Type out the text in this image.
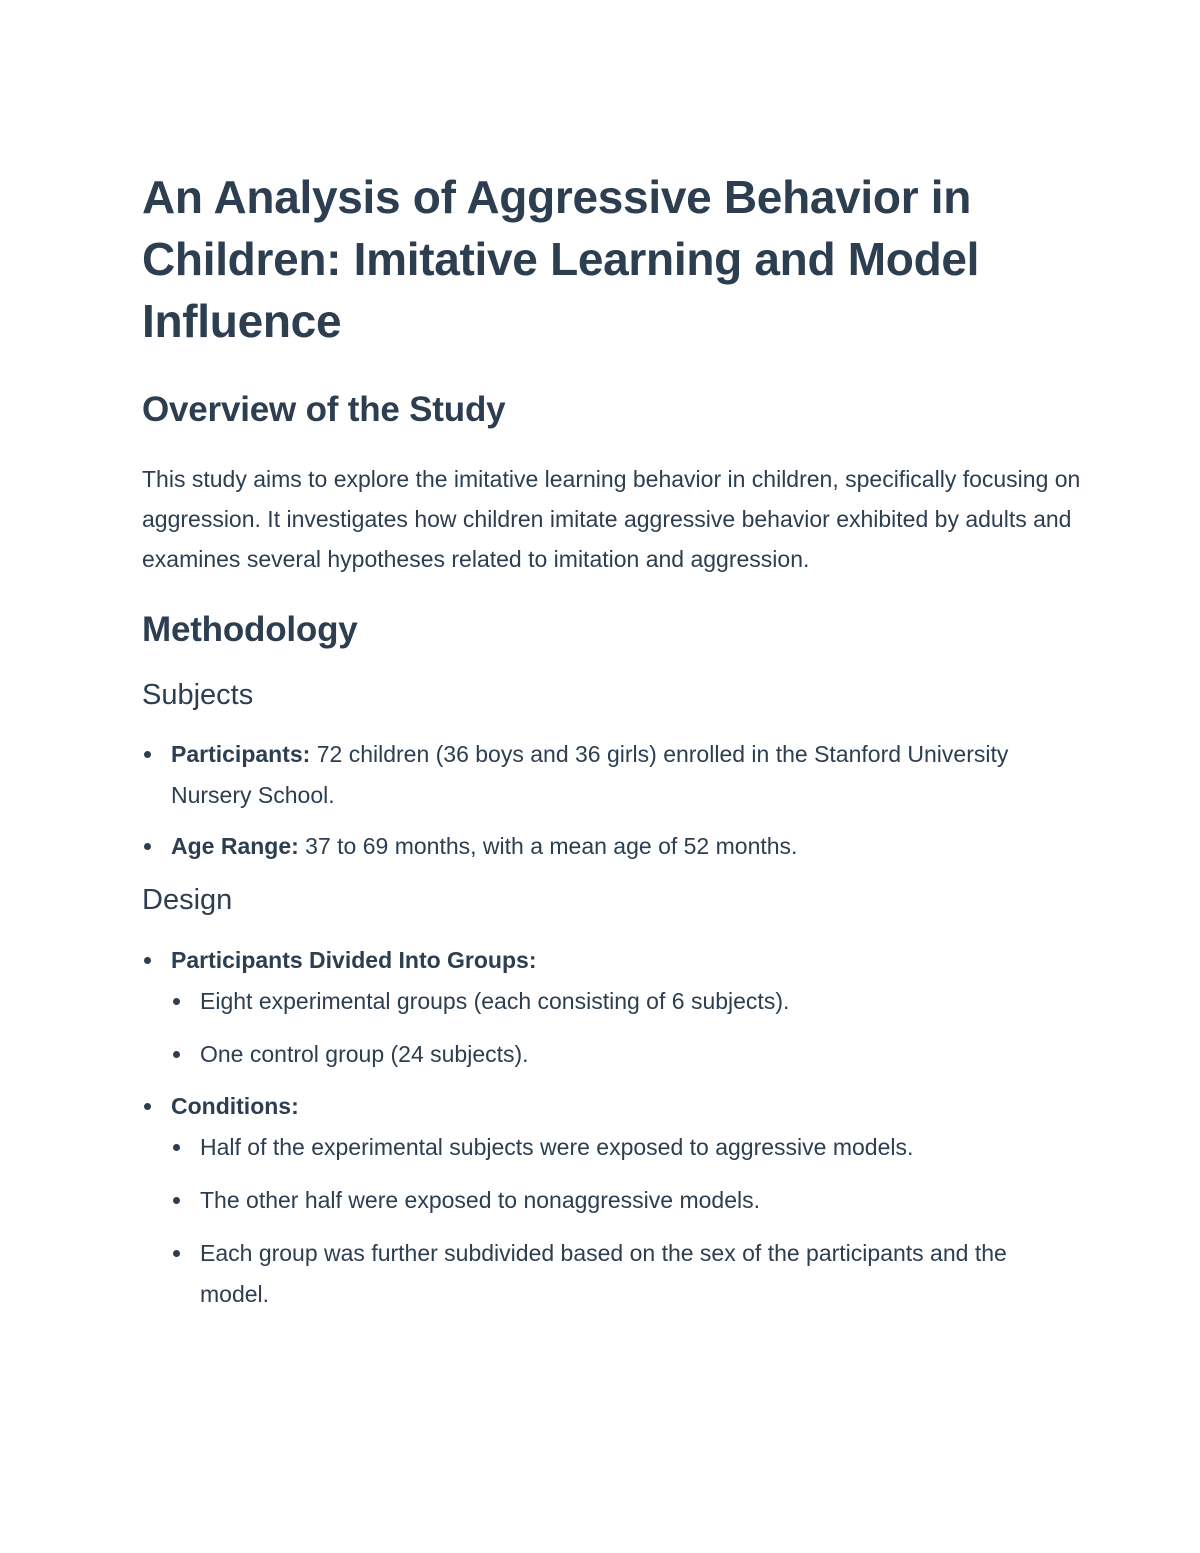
An Analysis of Aggressive Behavior in Children: Imitative Learning and Model Influence
Overview of the Study

This study aims to explore the imitative learning behavior in children, specifically focusing on aggression. It investigates how children imitate aggressive behavior exhibited by adults and examines several hypotheses related to imitation and aggression.

Methodology
Subjects
Participants: 72 children (36 boys and 36 girls) enrolled in the Stanford University Nursery School.
Age Range: 37 to 69 months, with a mean age of 52 months.
Design
Participants Divided Into Groups:
Eight experimental groups (each consisting of 6 subjects).
One control group (24 subjects).
Conditions:
Half of the experimental subjects were exposed to aggressive models.
The other half were exposed to nonaggressive models.
Each group was further subdivided based on the sex of the participants and the model.
